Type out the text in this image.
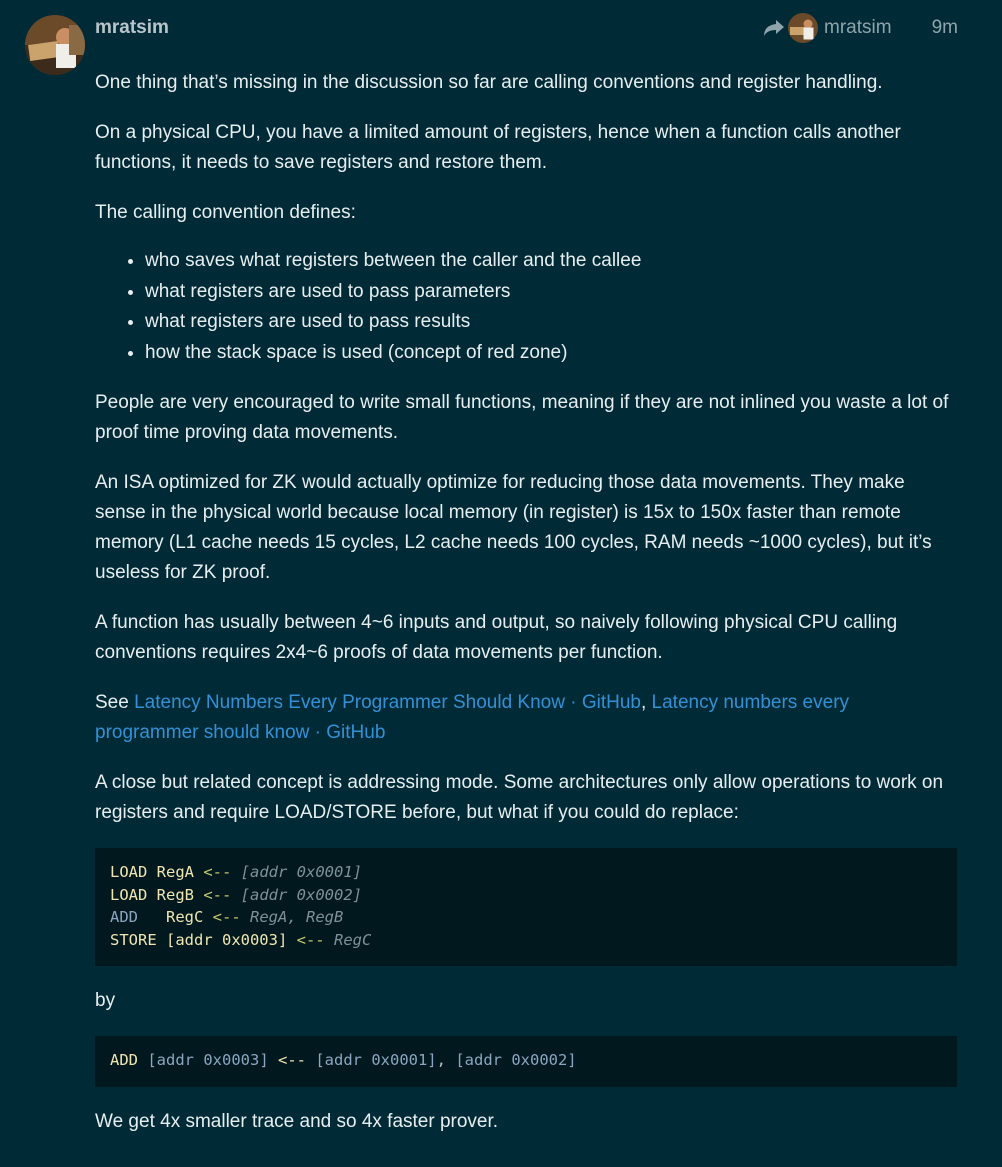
mratsim	mratsim 9m

One thing that’s missing in the discussion so far are calling conventions and register handling.

On a physical CPU, you have a limited amount of registers, hence when a function calls another functions, it needs to save registers and restore them.

The calling convention defines:

• who saves what registers between the caller and the callee
• what registers are used to pass parameters
• what registers are used to pass results
• how the stack space is used (concept of red zone)

People are very encouraged to write small functions, meaning if they are not inlined you waste a lot of proof time proving data movements.

An ISA optimized for ZK would actually optimize for reducing those data movements. They make sense in the physical world because local memory (in register) is 15x to 150x faster than remote memory (L1 cache needs 15 cycles, L2 cache needs 100 cycles, RAM needs ~1000 cycles), but it’s useless for ZK proof.

A function has usually between 4~6 inputs and output, so naively following physical CPU calling conventions requires 2x4~6 proofs of data movements per function.

See Latency Numbers Every Programmer Should Know · GitHub, Latency numbers every programmer should know · GitHub

A close but related concept is addressing mode. Some architectures only allow operations to work on registers and require LOAD/STORE before, but what if you could do replace:

LOAD RegA <-- [addr 0x0001]
LOAD RegB <-- [addr 0x0002]
ADD   RegC <-- RegA, RegB
STORE [addr 0x0003] <-- RegC

by

ADD [addr 0x0003] <-- [addr 0x0001], [addr 0x0002]

We get 4x smaller trace and so 4x faster prover.
